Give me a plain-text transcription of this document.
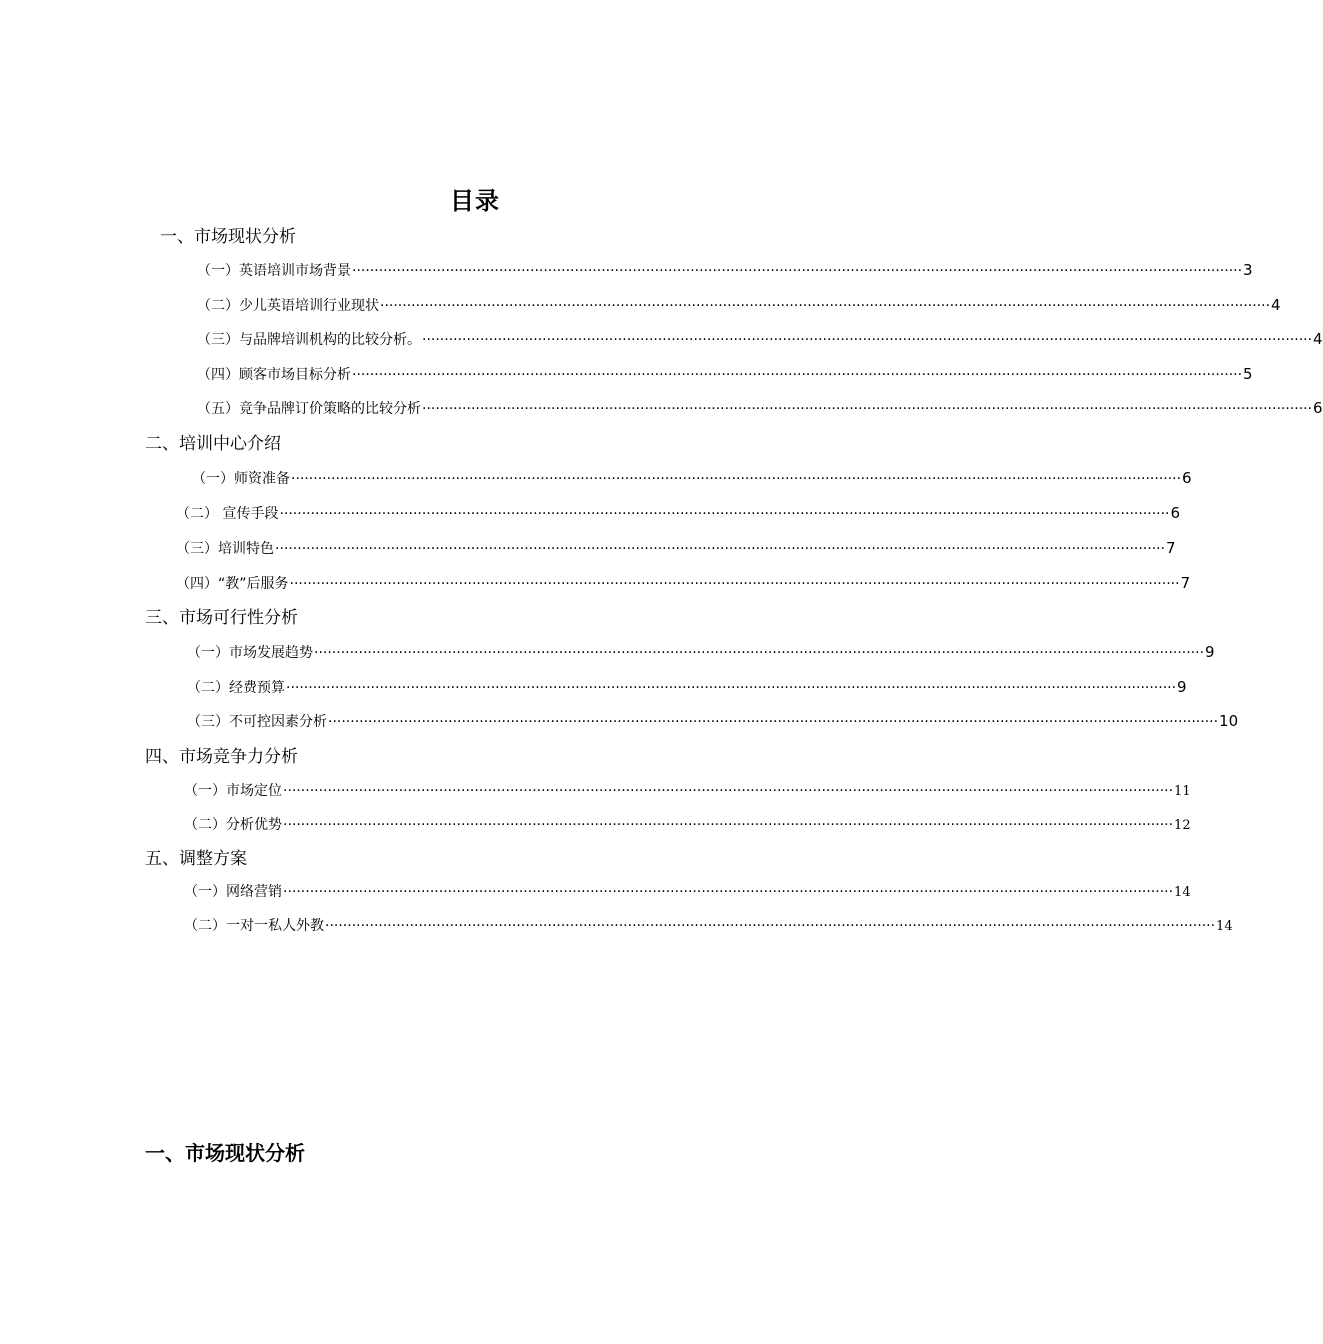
目录
一、市场现状分析
（一）英语培训市场背景 ········································································································································································································ 3
（二）少儿英语培训行业现状 ········································································································································································································ 4
（三）与品牌培训机构的比较分析。 ········································································································································································································ 4
（四）顾客市场目标分析 ········································································································································································································ 5
（五）竞争品牌订价策略的比较分析 ········································································································································································································ 6
二、培训中心介绍
（一）师资准备 ········································································································································································································ 6
（二） 宣传手段 ········································································································································································································ 6
（三）培训特色 ········································································································································································································ 7
（四）“教”后服务 ········································································································································································································ 7
三、市场可行性分析
（一）市场发展趋势 ········································································································································································································ 9
（二）经费预算 ········································································································································································································ 9
（三）不可控因素分析 ········································································································································································································ 10
四、市场竞争力分析
（一）市场定位 ········································································································································································································ 11
（二）分析优势 ········································································································································································································ 12
五、调整方案
（一）网络营销 ········································································································································································································ 14
（二）一对一私人外教 ········································································································································································································ 14
一、市场现状分析
